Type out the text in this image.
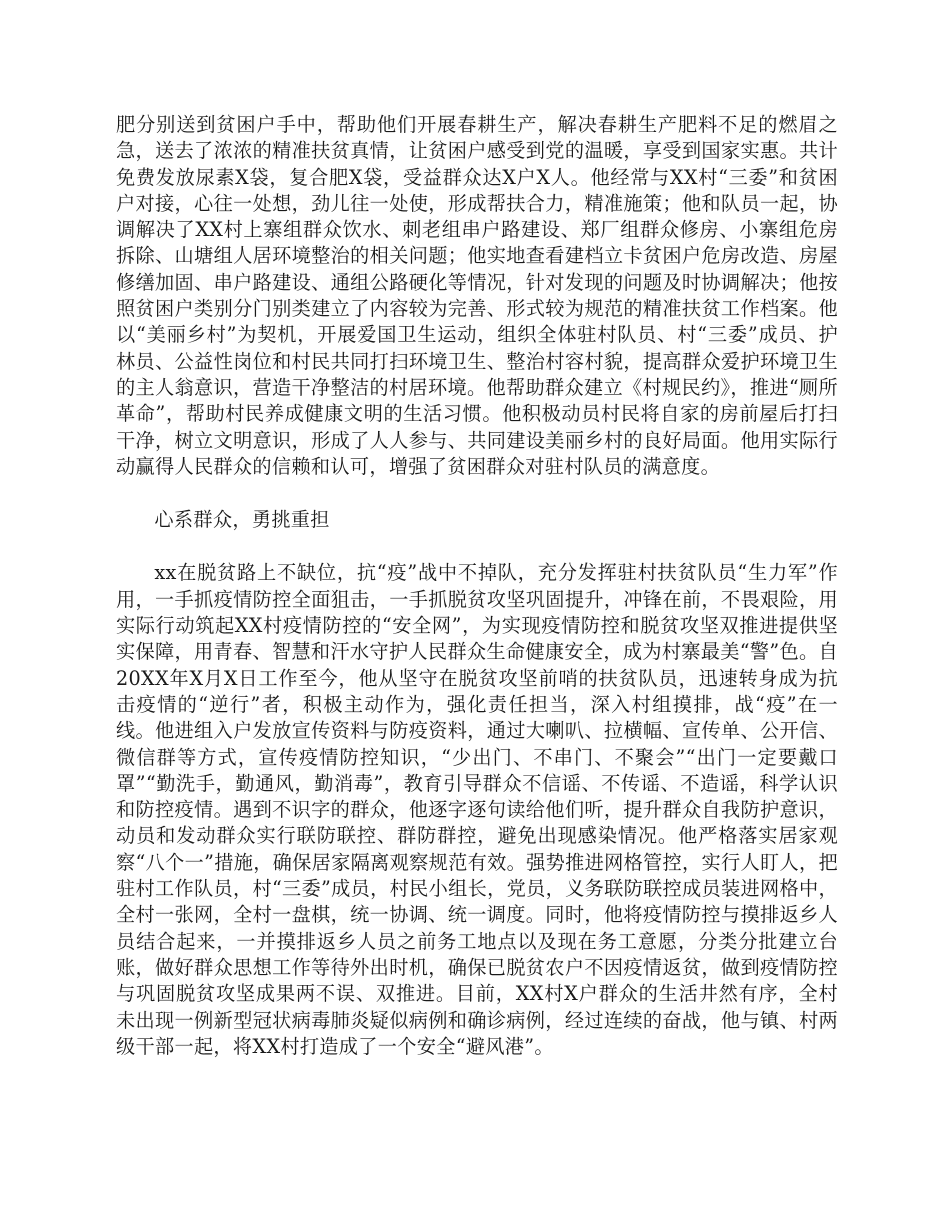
肥分别送到贫困户手中，帮助他们开展春耕生产，解决春耕生产肥料不足的燃眉之急，送去了浓浓的精准扶贫真情，让贫困户感受到党的温暖，享受到国家实惠。共计免费发放尿素X袋，复合肥X袋，受益群众达X户X人。他经常与XX村“三委”和贫困户对接，心往一处想，劲儿往一处使，形成帮扶合力，精准施策；他和队员一起，协调解决了XX村上寨组群众饮水、刺老组串户路建设、郑厂组群众修房、小寨组危房拆除、山塘组人居环境整治的相关问题；他实地查看建档立卡贫困户危房改造、房屋修缮加固、串户路建设、通组公路硬化等情况，针对发现的问题及时协调解决；他按照贫困户类别分门别类建立了内容较为完善、形式较为规范的精准扶贫工作档案。他以“美丽乡村”为契机，开展爱国卫生运动，组织全体驻村队员、村“三委”成员、护林员、公益性岗位和村民共同打扫环境卫生、整治村容村貌，提高群众爱护环境卫生的主人翁意识，营造干净整洁的村居环境。他帮助群众建立《村规民约》，推进“厕所革命”，帮助村民养成健康文明的生活习惯。他积极动员村民将自家的房前屋后打扫干净，树立文明意识，形成了人人参与、共同建设美丽乡村的良好局面。他用实际行动赢得人民群众的信赖和认可，增强了贫困群众对驻村队员的满意度。

心系群众，勇挑重担

xx在脱贫路上不缺位，抗“疫”战中不掉队，充分发挥驻村扶贫队员“生力军”作用，一手抓疫情防控全面狙击，一手抓脱贫攻坚巩固提升，冲锋在前，不畏艰险，用实际行动筑起XX村疫情防控的“安全网”，为实现疫情防控和脱贫攻坚双推进提供坚实保障，用青春、智慧和汗水守护人民群众生命健康安全，成为村寨最美“警”色。自20XX年X月X日工作至今，他从坚守在脱贫攻坚前哨的扶贫队员，迅速转身成为抗击疫情的“逆行”者，积极主动作为，强化责任担当，深入村组摸排，战“疫”在一线。他进组入户发放宣传资料与防疫资料，通过大喇叭、拉横幅、宣传单、公开信、微信群等方式，宣传疫情防控知识，“少出门、不串门、不聚会”“出门一定要戴口罩”“勤洗手，勤通风，勤消毒”，教育引导群众不信谣、不传谣、不造谣，科学认识和防控疫情。遇到不识字的群众，他逐字逐句读给他们听，提升群众自我防护意识，动员和发动群众实行联防联控、群防群控，避免出现感染情况。他严格落实居家观察“八个一”措施，确保居家隔离观察规范有效。强势推进网格管控，实行人盯人，把驻村工作队员，村“三委”成员，村民小组长，党员，义务联防联控成员装进网格中，全村一张网，全村一盘棋，统一协调、统一调度。同时，他将疫情防控与摸排返乡人员结合起来，一并摸排返乡人员之前务工地点以及现在务工意愿，分类分批建立台账，做好群众思想工作等待外出时机，确保已脱贫农户不因疫情返贫，做到疫情防控与巩固脱贫攻坚成果两不误、双推进。目前，XX村X户群众的生活井然有序，全村未出现一例新型冠状病毒肺炎疑似病例和确诊病例，经过连续的奋战，他与镇、村两级干部一起，将XX村打造成了一个安全“避风港”。
